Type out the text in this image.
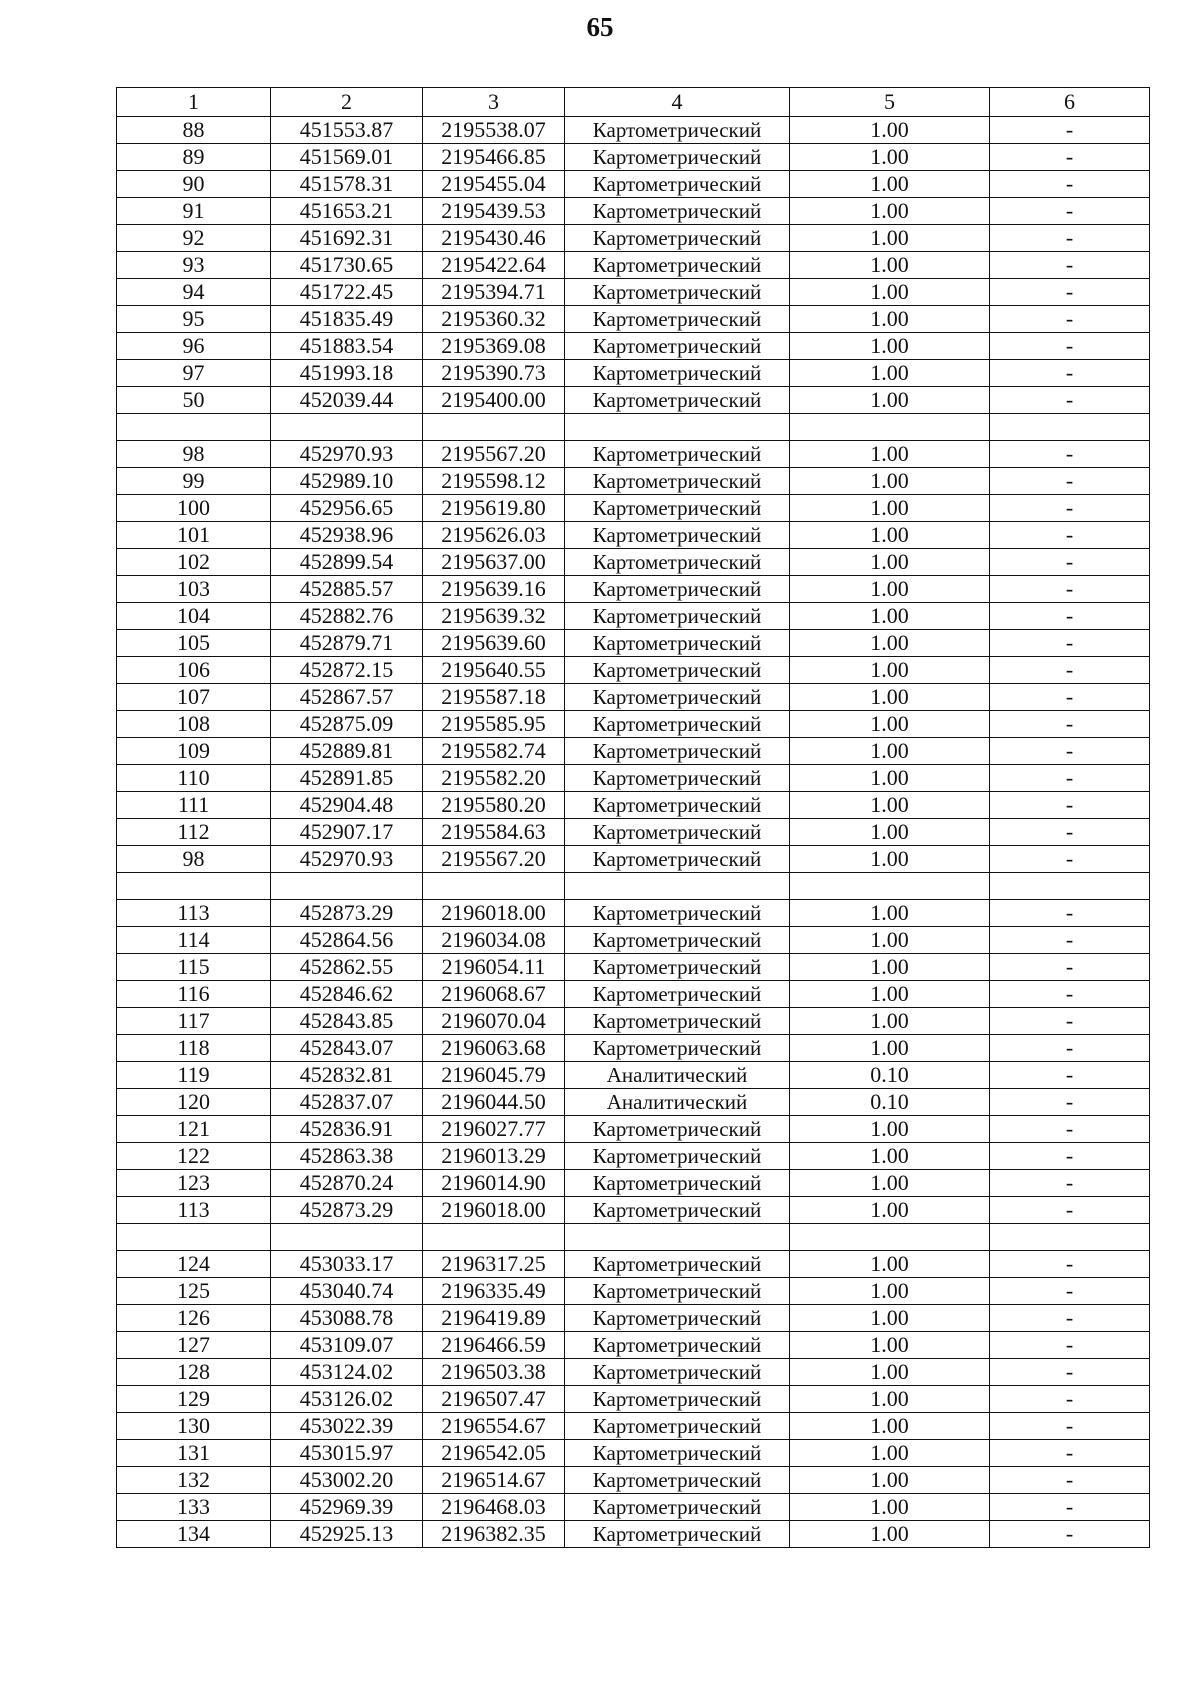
65
1	2	3	4	5	6
88	451553.87	2195538.07	Картометрический	1.00	-
89	451569.01	2195466.85	Картометрический	1.00	-
90	451578.31	2195455.04	Картометрический	1.00	-
91	451653.21	2195439.53	Картометрический	1.00	-
92	451692.31	2195430.46	Картометрический	1.00	-
93	451730.65	2195422.64	Картометрический	1.00	-
94	451722.45	2195394.71	Картометрический	1.00	-
95	451835.49	2195360.32	Картометрический	1.00	-
96	451883.54	2195369.08	Картометрический	1.00	-
97	451993.18	2195390.73	Картометрический	1.00	-
50	452039.44	2195400.00	Картометрический	1.00	-

98	452970.93	2195567.20	Картометрический	1.00	-
99	452989.10	2195598.12	Картометрический	1.00	-
100	452956.65	2195619.80	Картометрический	1.00	-
101	452938.96	2195626.03	Картометрический	1.00	-
102	452899.54	2195637.00	Картометрический	1.00	-
103	452885.57	2195639.16	Картометрический	1.00	-
104	452882.76	2195639.32	Картометрический	1.00	-
105	452879.71	2195639.60	Картометрический	1.00	-
106	452872.15	2195640.55	Картометрический	1.00	-
107	452867.57	2195587.18	Картометрический	1.00	-
108	452875.09	2195585.95	Картометрический	1.00	-
109	452889.81	2195582.74	Картометрический	1.00	-
110	452891.85	2195582.20	Картометрический	1.00	-
111	452904.48	2195580.20	Картометрический	1.00	-
112	452907.17	2195584.63	Картометрический	1.00	-
98	452970.93	2195567.20	Картометрический	1.00	-

113	452873.29	2196018.00	Картометрический	1.00	-
114	452864.56	2196034.08	Картометрический	1.00	-
115	452862.55	2196054.11	Картометрический	1.00	-
116	452846.62	2196068.67	Картометрический	1.00	-
117	452843.85	2196070.04	Картометрический	1.00	-
118	452843.07	2196063.68	Картометрический	1.00	-
119	452832.81	2196045.79	Аналитический	0.10	-
120	452837.07	2196044.50	Аналитический	0.10	-
121	452836.91	2196027.77	Картометрический	1.00	-
122	452863.38	2196013.29	Картометрический	1.00	-
123	452870.24	2196014.90	Картометрический	1.00	-
113	452873.29	2196018.00	Картометрический	1.00	-

124	453033.17	2196317.25	Картометрический	1.00	-
125	453040.74	2196335.49	Картометрический	1.00	-
126	453088.78	2196419.89	Картометрический	1.00	-
127	453109.07	2196466.59	Картометрический	1.00	-
128	453124.02	2196503.38	Картометрический	1.00	-
129	453126.02	2196507.47	Картометрический	1.00	-
130	453022.39	2196554.67	Картометрический	1.00	-
131	453015.97	2196542.05	Картометрический	1.00	-
132	453002.20	2196514.67	Картометрический	1.00	-
133	452969.39	2196468.03	Картометрический	1.00	-
134	452925.13	2196382.35	Картометрический	1.00	-
